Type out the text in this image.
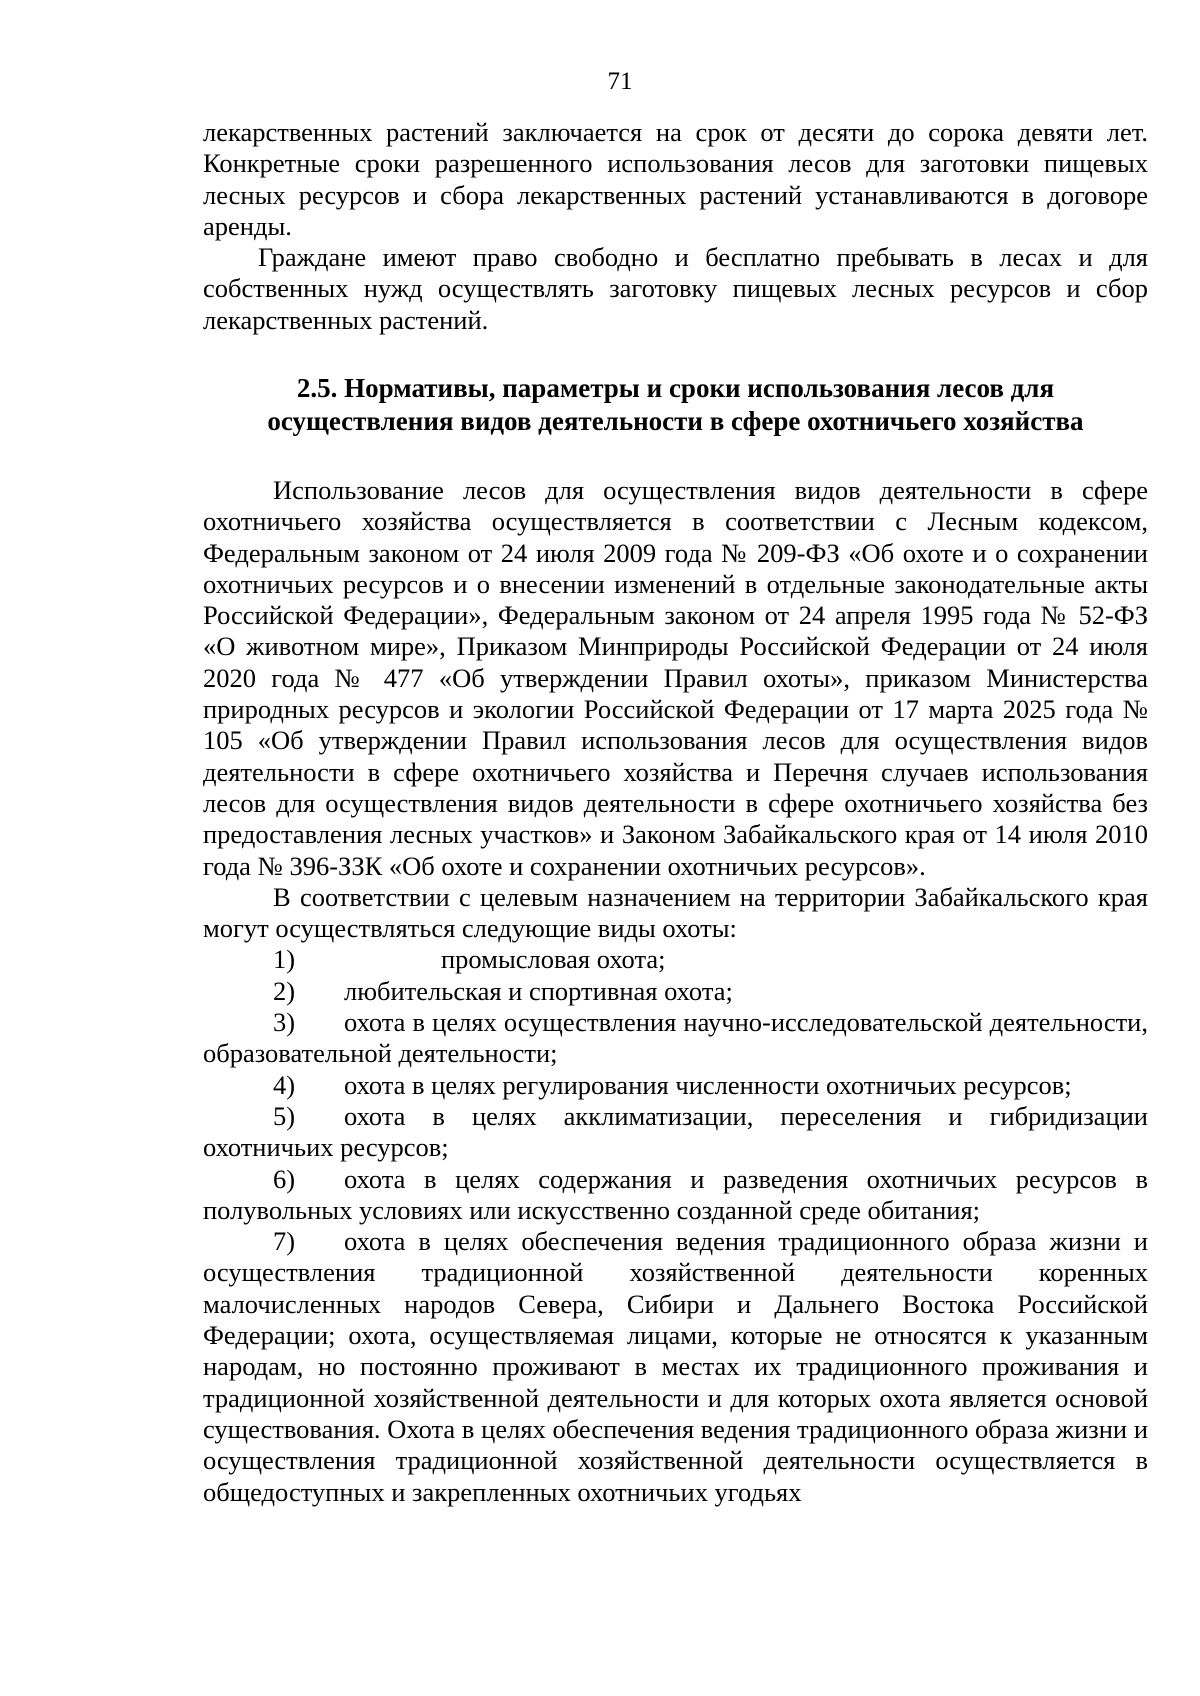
71

лекарственных растений заключается на срок от десяти до сорока девяти лет. Конкретные сроки разрешенного использования лесов для заготовки пищевых лесных ресурсов и сбора лекарственных растений устанавливаются в договоре аренды.

Граждане имеют право свободно и бесплатно пребывать в лесах и для собственных нужд осуществлять заготовку пищевых лесных ресурсов и сбор лекарственных растений.

2.5. Нормативы, параметры и сроки использования лесов для

осуществления видов деятельности в сфере охотничьего хозяйства

Использование лесов для осуществления видов деятельности в сфере охотничьего хозяйства осуществляется в соответствии с Лесным кодексом, Федеральным законом от 24 июля 2009 года № 209-ФЗ «Об охоте и о сохранении охотничьих ресурсов и о внесении изменений в отдельные законодательные акты Российской Федерации», Федеральным законом от 24 апреля 1995 года № 52-ФЗ «О животном мире», Приказом Минприроды Российской Федерации от 24 июля 2020 года № 477 «Об утверждении Правил охоты», приказом Министерства природных ресурсов и экологии Российской Федерации от 17 марта 2025 года № 105 «Об утверждении Правил использования лесов для осуществления видов деятельности в сфере охотничьего хозяйства и Перечня случаев использования лесов для осуществления видов деятельности в сфере охотничьего хозяйства без предоставления лесных участков» и Законом Забайкальского края от 14 июля 2010 года № 396-ЗЗК «Об охоте и сохранении охотничьих ресурсов».

В соответствии с целевым назначением на территории Забайкальского края могут осуществляться следующие виды охоты:

1)	промысловая охота;

2) любительская и спортивная охота;

3) охота в целях осуществления научно-исследовательской деятельности, образовательной деятельности;

4) охота в целях регулирования численности охотничьих ресурсов;

5) охота в целях акклиматизации, переселения и гибридизации охотничьих ресурсов;

6) охота в целях содержания и разведения охотничьих ресурсов в полувольных условиях или искусственно созданной среде обитания;

7) охота в целях обеспечения ведения традиционного образа жизни и осуществления традиционной хозяйственной деятельности коренных малочисленных народов Севера, Сибири и Дальнего Востока Российской Федерации; охота, осуществляемая лицами, которые не относятся к указанным народам, но постоянно проживают в местах их традиционного проживания и традиционной хозяйственной деятельности и для которых охота является основой существования. Охота в целях обеспечения ведения традиционного образа жизни и осуществления традиционной хозяйственной деятельности осуществляется в общедоступных и закрепленных охотничьих угодьях
